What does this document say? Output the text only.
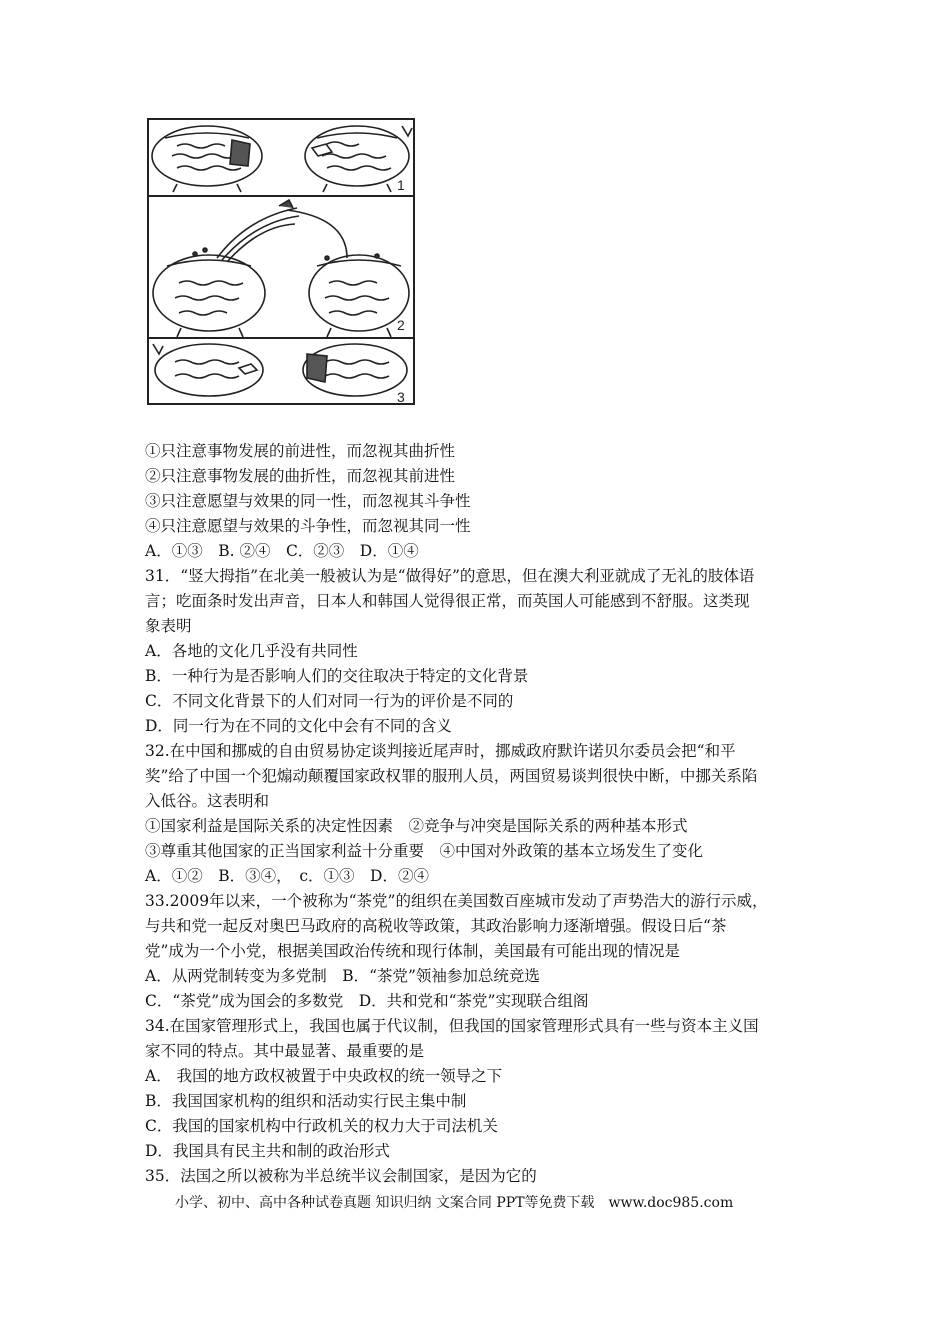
1
2
3
①只注意事物发展的前进性，而忽视其曲折性
②只注意事物发展的曲折性，而忽视其前进性
③只注意愿望与效果的同一性，而忽视其斗争性
④只注意愿望与效果的斗争性，而忽视其同一性
A．①③　B. ②④　C．②③　D．①④
31．“竖大拇指”在北美一般被认为是“做得好”的意思，但在澳大利亚就成了无礼的肢体语
言；吃面条时发出声音，日本人和韩国人觉得很正常，而英国人可能感到不舒服。这类现
象表明
A．各地的文化几乎没有共同性
B．一种行为是否影响人们的交往取决于特定的文化背景
C．不同文化背景下的人们对同一行为的评价是不同的
D．同一行为在不同的文化中会有不同的含义
32.在中国和挪威的自由贸易协定谈判接近尾声时，挪威政府默许诺贝尔委员会把“和平
奖”给了中国一个犯煽动颠覆国家政权罪的服刑人员，两国贸易谈判很快中断，中挪关系陷
入低谷。这表明和
①国家利益是国际关系的决定性因素　②竞争与冲突是国际关系的两种基本形式
③尊重其他国家的正当国家利益十分重要　④中国对外政策的基本立场发生了变化
A．①②　B．③④，　c．①③　D．②④
33.2009年以来，一个被称为“茶党”的组织在美国数百座城市发动了声势浩大的游行示威，
与共和党一起反对奥巴马政府的高税收等政策，其政治影响力逐渐增强。假设日后“茶
党”成为一个小党，根据美国政治传统和现行体制，美国最有可能出现的情况是
A．从两党制转变为多党制　B．“茶党”领袖参加总统竞选
C．“茶党”成为国会的多数党　D．共和党和“茶党”实现联合组阁
34.在国家管理形式上，我国也属于代议制，但我国的国家管理形式具有一些与资本主义国
家不同的特点。其中最显著、最重要的是
A． 我国的地方政权被置于中央政权的统一领导之下
B．我国国家机构的组织和活动实行民主集中制
C．我国的国家机构中行政机关的权力大于司法机关
D．我国具有民主共和制的政治形式
35．法国之所以被称为半总统半议会制国家，是因为它的
小学、初中、高中各种试卷真题 知识归纳 文案合同 PPT等免费下载　www.doc985.com
